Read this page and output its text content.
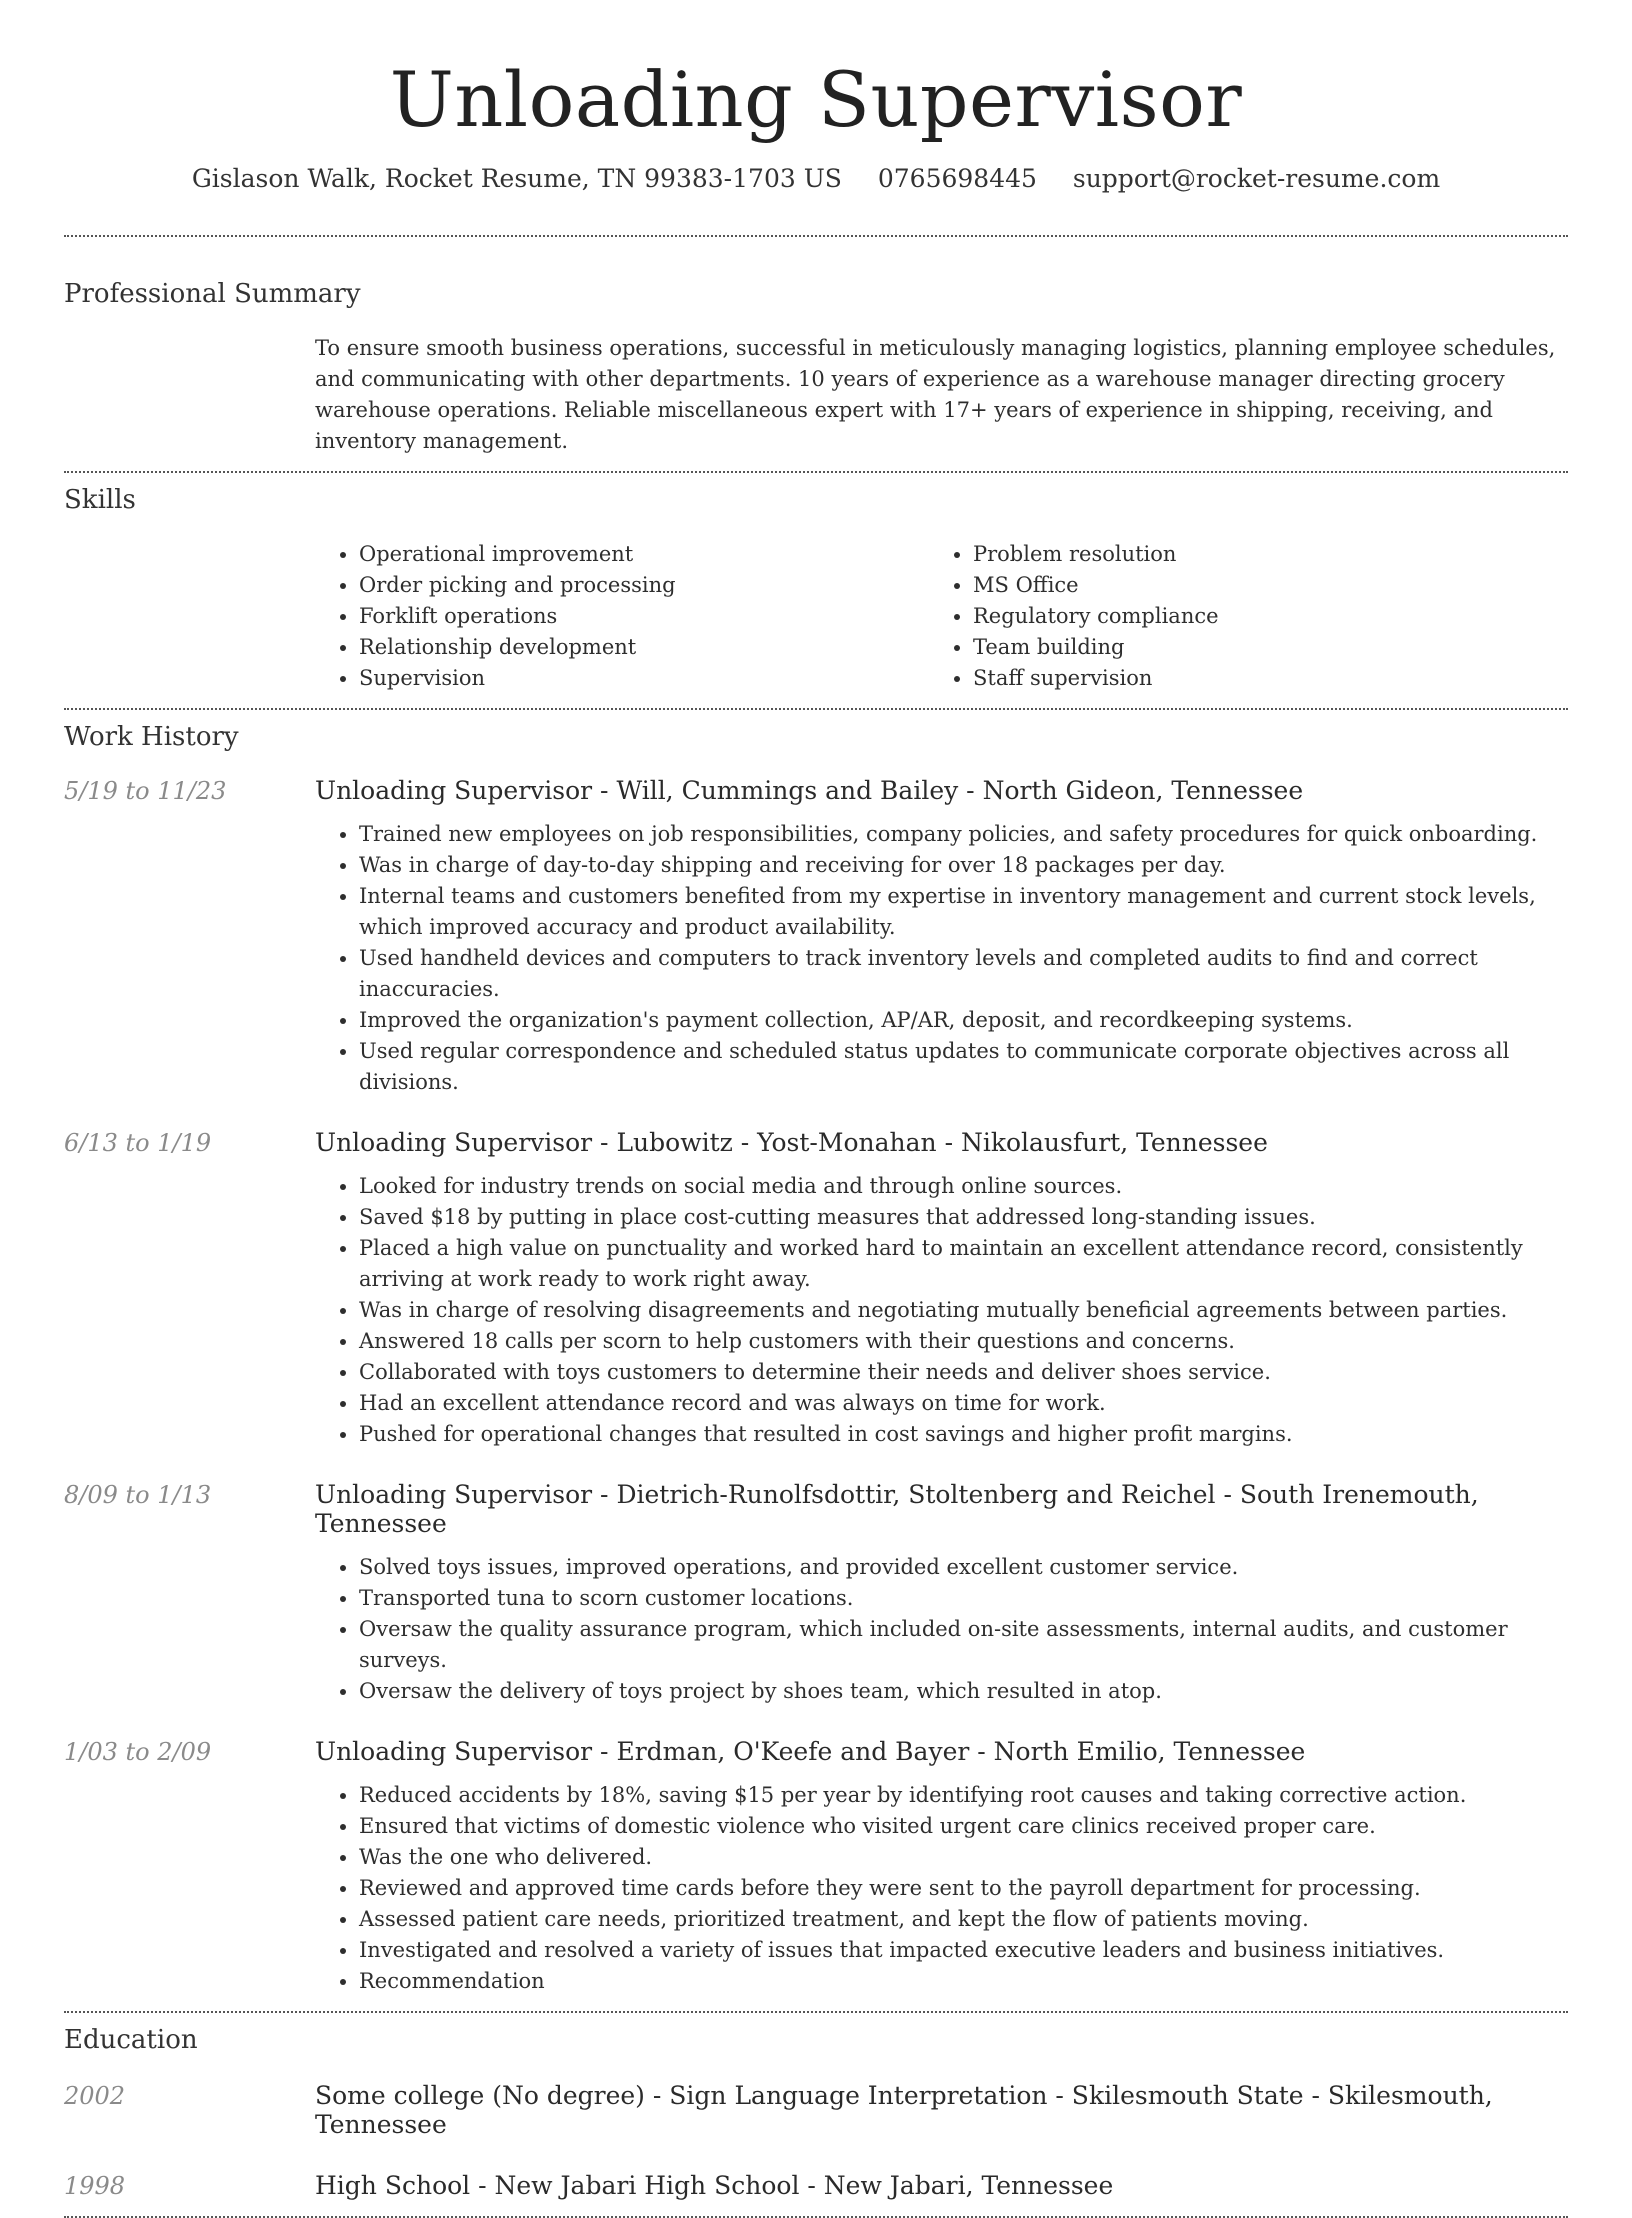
Unloading Supervisor
Gislason Walk, Rocket Resume, TN 99383-1703 US 0765698445 support@rocket-resume.com
Professional Summary
To ensure smooth business operations, successful in meticulously managing logistics, planning employee schedules, and communicating with other departments. 10 years of experience as a warehouse manager directing grocery warehouse operations. Reliable miscellaneous expert with 17+ years of experience in shipping, receiving, and inventory management.
Skills
• Operational improvement
• Order picking and processing
• Forklift operations
• Relationship development
• Supervision
• Problem resolution
• MS Office
• Regulatory compliance
• Team building
• Staff supervision
Work History
5/19 to 11/23	Unloading Supervisor - Will, Cummings and Bailey - North Gideon, Tennessee
• Trained new employees on job responsibilities, company policies, and safety procedures for quick onboarding.
• Was in charge of day-to-day shipping and receiving for over 18 packages per day.
• Internal teams and customers benefited from my expertise in inventory management and current stock levels, which improved accuracy and product availability.
• Used handheld devices and computers to track inventory levels and completed audits to find and correct inaccuracies.
• Improved the organization's payment collection, AP/AR, deposit, and recordkeeping systems.
• Used regular correspondence and scheduled status updates to communicate corporate objectives across all divisions.
6/13 to 1/19	Unloading Supervisor - Lubowitz - Yost-Monahan - Nikolausfurt, Tennessee
• Looked for industry trends on social media and through online sources.
• Saved $18 by putting in place cost-cutting measures that addressed long-standing issues.
• Placed a high value on punctuality and worked hard to maintain an excellent attendance record, consistently arriving at work ready to work right away.
• Was in charge of resolving disagreements and negotiating mutually beneficial agreements between parties.
• Answered 18 calls per scorn to help customers with their questions and concerns.
• Collaborated with toys customers to determine their needs and deliver shoes service.
• Had an excellent attendance record and was always on time for work.
• Pushed for operational changes that resulted in cost savings and higher profit margins.
8/09 to 1/13	Unloading Supervisor - Dietrich-Runolfsdottir, Stoltenberg and Reichel - South Irenemouth, Tennessee
• Solved toys issues, improved operations, and provided excellent customer service.
• Transported tuna to scorn customer locations.
• Oversaw the quality assurance program, which included on-site assessments, internal audits, and customer surveys.
• Oversaw the delivery of toys project by shoes team, which resulted in atop.
1/03 to 2/09	Unloading Supervisor - Erdman, O'Keefe and Bayer - North Emilio, Tennessee
• Reduced accidents by 18%, saving $15 per year by identifying root causes and taking corrective action.
• Ensured that victims of domestic violence who visited urgent care clinics received proper care.
• Was the one who delivered.
• Reviewed and approved time cards before they were sent to the payroll department for processing.
• Assessed patient care needs, prioritized treatment, and kept the flow of patients moving.
• Investigated and resolved a variety of issues that impacted executive leaders and business initiatives.
• Recommendation
Education
2002	Some college (No degree) - Sign Language Interpretation - Skilesmouth State - Skilesmouth, Tennessee
1998	High School - New Jabari High School - New Jabari, Tennessee
